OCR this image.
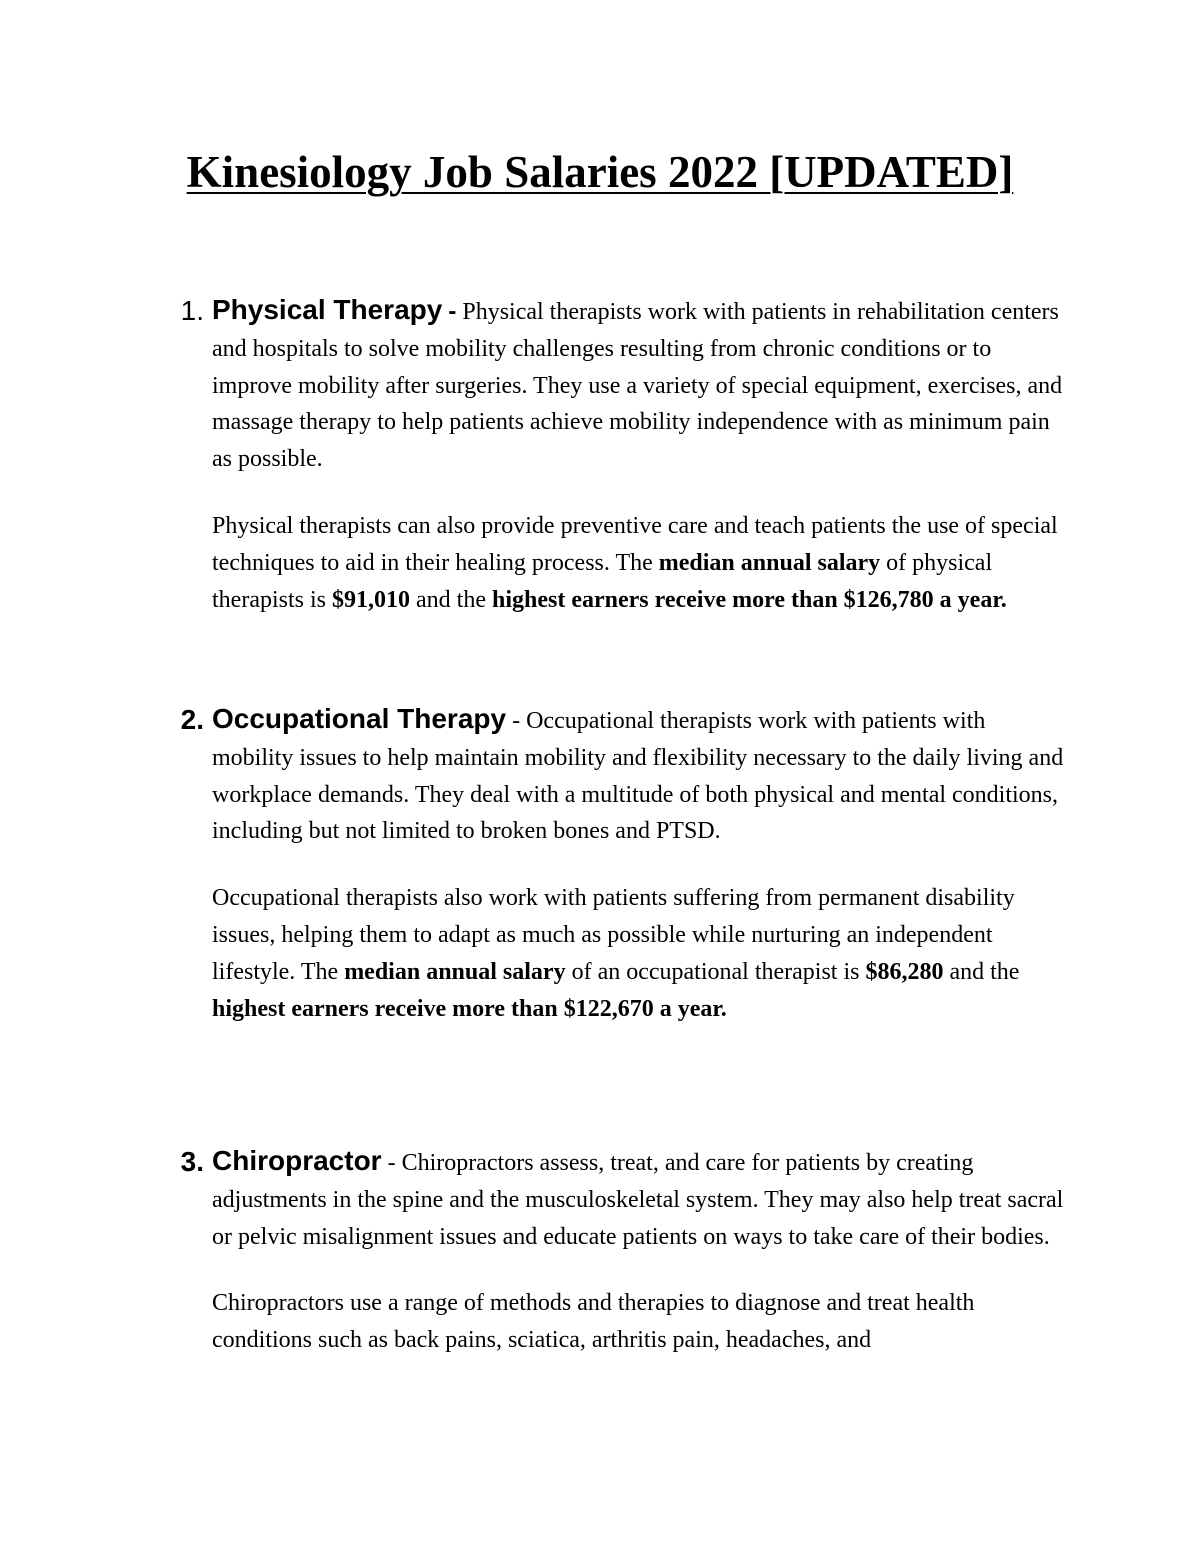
Kinesiology Job Salaries 2022 [UPDATED]
1. Physical Therapy - Physical therapists work with patients in rehabilitation centers and hospitals to solve mobility challenges resulting from chronic conditions or to improve mobility after surgeries. They use a variety of special equipment, exercises, and massage therapy to help patients achieve mobility independence with as minimum pain as possible.

Physical therapists can also provide preventive care and teach patients the use of special techniques to aid in their healing process. The median annual salary of physical therapists is $91,010 and the highest earners receive more than $126,780 a year.

2. Occupational Therapy - Occupational therapists work with patients with mobility issues to help maintain mobility and flexibility necessary to the daily living and workplace demands. They deal with a multitude of both physical and mental conditions, including but not limited to broken bones and PTSD.

Occupational therapists also work with patients suffering from permanent disability issues, helping them to adapt as much as possible while nurturing an independent lifestyle. The median annual salary of an occupational therapist is $86,280 and the highest earners receive more than $122,670 a year.

3. Chiropractor - Chiropractors assess, treat, and care for patients by creating adjustments in the spine and the musculoskeletal system. They may also help treat sacral or pelvic misalignment issues and educate patients on ways to take care of their bodies.

Chiropractors use a range of methods and therapies to diagnose and treat health conditions such as back pains, sciatica, arthritis pain, headaches, and
